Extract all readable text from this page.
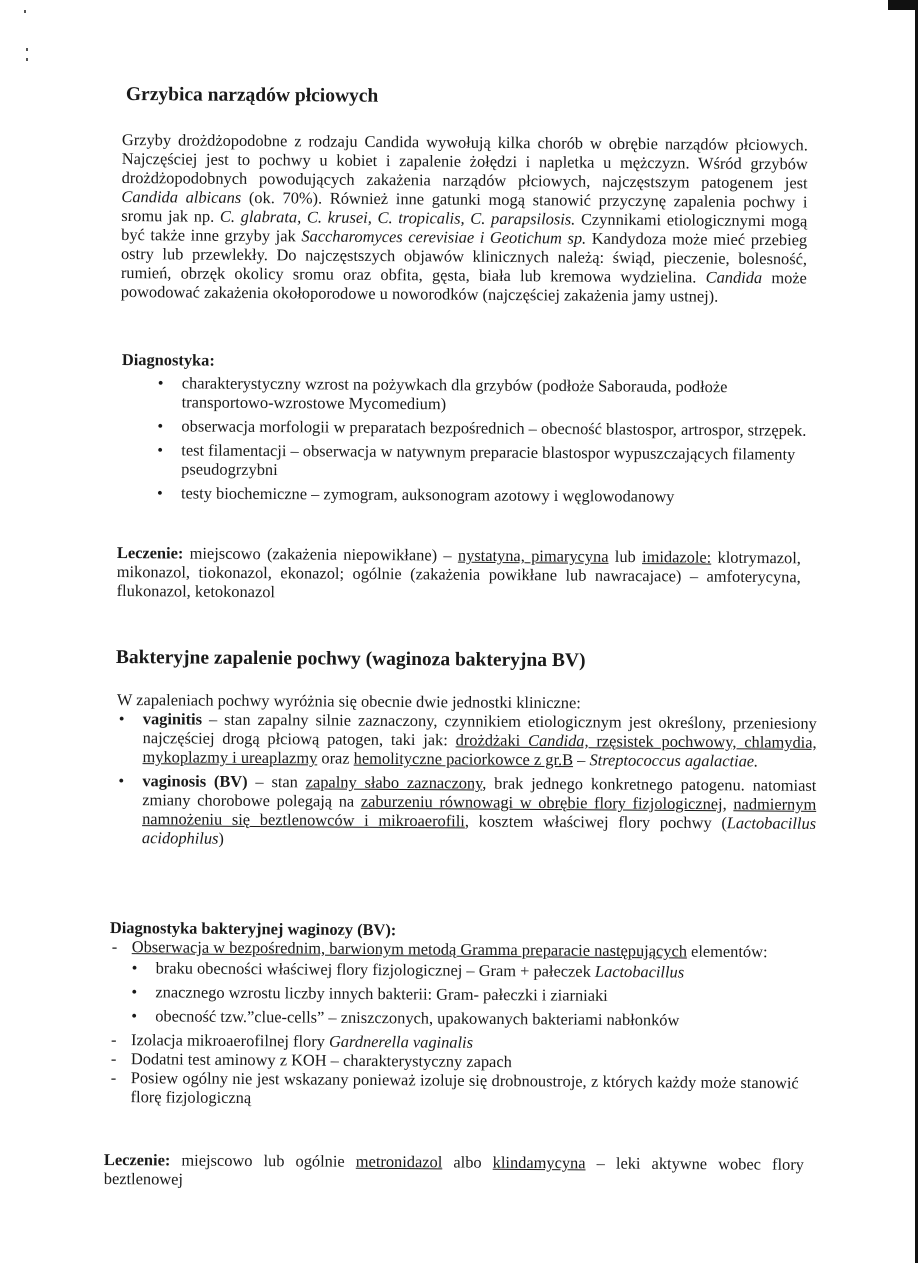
Grzybica narządów płciowych
Grzyby drożdżopodobne z rodzaju Candida wywołują kilka chorób w obrębie narządów płciowych. Najczęściej jest to pochwy u kobiet i zapalenie żołędzi i napletka u mężczyzn. Wśród grzybów drożdżopodobnych powodujących zakażenia narządów płciowych, najczęstszym patogenem jest Candida albicans (ok. 70%). Również inne gatunki mogą stanowić przyczynę zapalenia pochwy i sromu jak np. C. glabrata, C. krusei, C. tropicalis, C. parapsilosis. Czynnikami etiologicznymi mogą być także inne grzyby jak Saccharomyces cerevisiae i Geotichum sp. Kandydoza może mieć przebieg ostry lub przewlekły. Do najczęstszych objawów klinicznych należą: świąd, pieczenie, bolesność, rumień, obrzęk okolicy sromu oraz obfita, gęsta, biała lub kremowa wydzielina. Candida może powodować zakażenia okołoporodowe u noworodków (najczęściej zakażenia jamy ustnej).
Diagnostyka:
• charakterystyczny wzrost na pożywkach dla grzybów (podłoże Saborauda, podłoże transportowo-wzrostowe Mycomedium)
• obserwacja morfologii w preparatach bezpośrednich – obecność blastospor, artrospor, strzępek.
• test filamentacji – obserwacja w natywnym preparacie blastospor wypuszczających filamenty pseudogrzybni
• testy biochemiczne – zymogram, auksonogram azotowy i węglowodanowy
Leczenie: miejscowo (zakażenia niepowikłane) – nystatyna, pimarycyna lub imidazole: klotrymazol, mikonazol, tiokonazol, ekonazol; ogólnie (zakażenia powikłane lub nawracajace) – amfoterycyna, flukonazol, ketokonazol
Bakteryjne zapalenie pochwy (waginoza bakteryjna BV)
W zapaleniach pochwy wyróżnia się obecnie dwie jednostki kliniczne:
• vaginitis – stan zapalny silnie zaznaczony, czynnikiem etiologicznym jest określony, przeniesiony najczęściej drogą płciową patogen, taki jak: drożdżaki Candida, rzęsistek pochwowy, chlamydia, mykoplazmy i ureaplazmy oraz hemolityczne paciorkowce z gr.B – Streptococcus agalactiae.
• vaginosis (BV) – stan zapalny słabo zaznaczony, brak jednego konkretnego patogenu. natomiast zmiany chorobowe polegają na zaburzeniu równowagi w obrębie flory fizjologicznej, nadmiernym namnożeniu się beztlenowców i mikroaerofili, kosztem właściwej flory pochwy (Lactobacillus acidophilus)
Diagnostyka bakteryjnej waginozy (BV):
- Obserwacja w bezpośrednim, barwionym metodą Gramma preparacie następujących elementów:
• braku obecności właściwej flory fizjologicznej – Gram + pałeczek Lactobacillus
• znacznego wzrostu liczby innych bakterii: Gram- pałeczki i ziarniaki
• obecność tzw.”clue-cells” – zniszczonych, upakowanych bakteriami nabłonków
- Izolacja mikroaerofilnej flory Gardnerella vaginalis
- Dodatni test aminowy z KOH – charakterystyczny zapach
- Posiew ogólny nie jest wskazany ponieważ izoluje się drobnoustroje, z których każdy może stanowić florę fizjologiczną
Leczenie: miejscowo lub ogólnie metronidazol albo klindamycyna – leki aktywne wobec flory beztlenowej
